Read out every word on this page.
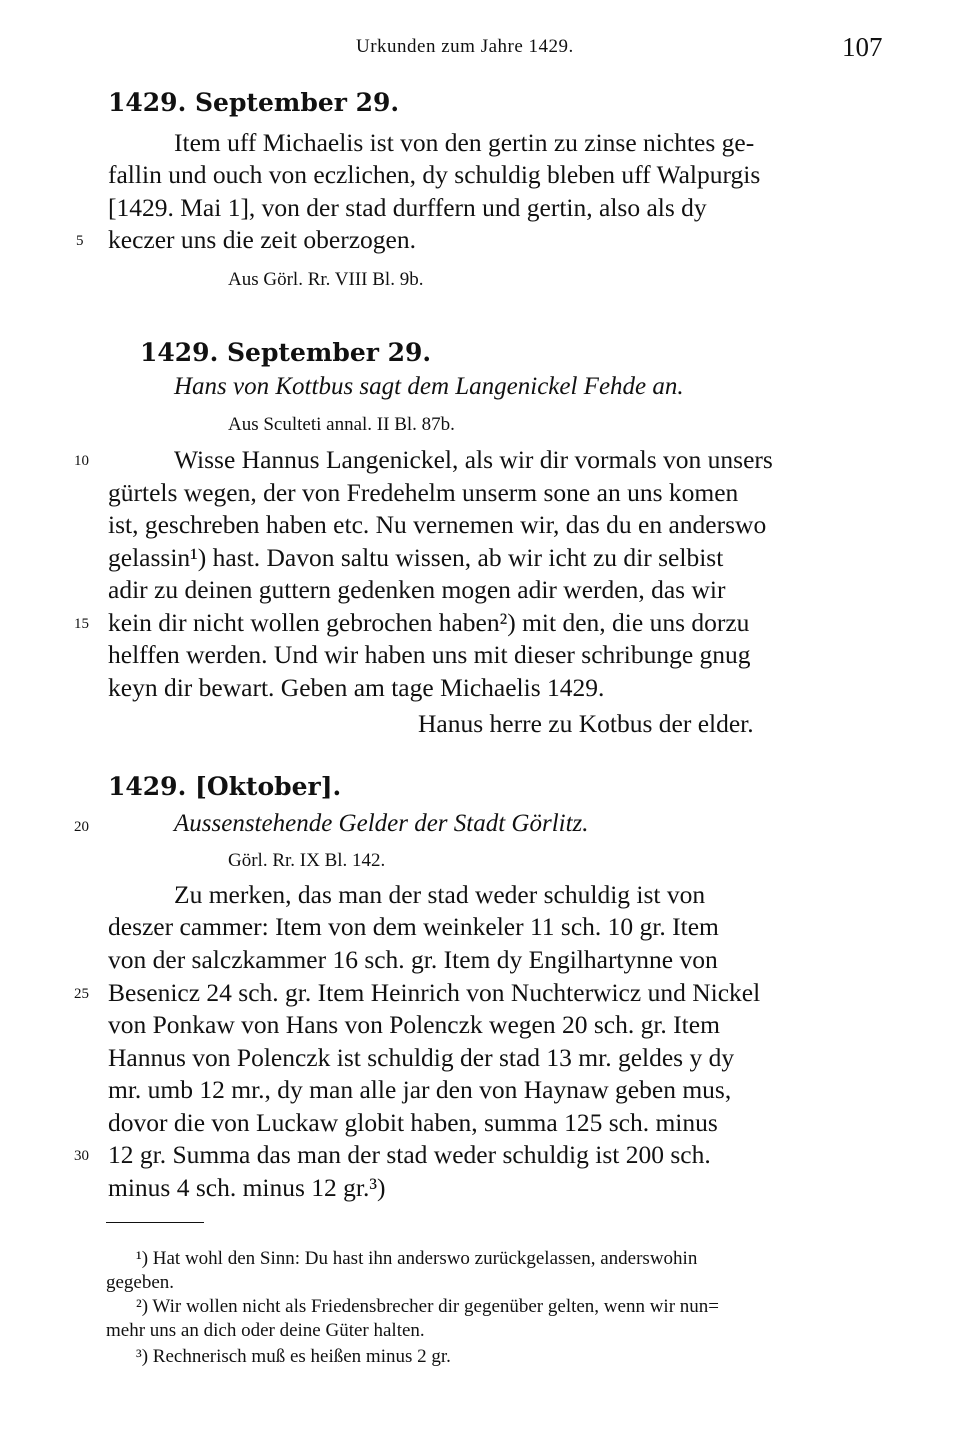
Urkunden zum Jahre 1429.	107
1429. September 29.
Item uff Michaelis ist von den gertin zu zinse nichtes ge-
fallin und ouch von eczlichen, dy schuldig bleben uff Walpurgis
[1429. Mai 1], von der stad durffern und gertin, also als dy
keczer uns die zeit oberzogen.
Aus Görl. Rr. VIII Bl. 9b.
1429. September 29.
Hans von Kottbus sagt dem Langenickel Fehde an.
Aus Sculteti annal. II Bl. 87b.
Wisse Hannus Langenickel, als wir dir vormals von unsers
gürtels wegen, der von Fredehelm unserm sone an uns komen
ist, geschreben haben etc. Nu vernemen wir, das du en anderswo
gelassin¹) hast. Davon saltu wissen, ab wir icht zu dir selbist
adir zu deinen guttern gedenken mogen adir werden, das wir
kein dir nicht wollen gebrochen haben²) mit den, die uns dorzu
helffen werden. Und wir haben uns mit dieser schribunge gnug
keyn dir bewart. Geben am tage Michaelis 1429.
Hanus herre zu Kotbus der elder.
1429. [Oktober].
Aussenstehende Gelder der Stadt Görlitz.
Görl. Rr. IX Bl. 142.
Zu merken, das man der stad weder schuldig ist von
deszer cammer: Item von dem weinkeler 11 sch. 10 gr. Item
von der salczkammer 16 sch. gr. Item dy Engilhartynne von
Besenicz 24 sch. gr. Item Heinrich von Nuchterwicz und Nickel
von Ponkaw von Hans von Polenczk wegen 20 sch. gr. Item
Hannus von Polenczk ist schuldig der stad 13 mr. geldes y dy
mr. umb 12 mr., dy man alle jar den von Haynaw geben mus,
dovor die von Luckaw globit haben, summa 125 sch. minus
12 gr. Summa das man der stad weder schuldig ist 200 sch.
minus 4 sch. minus 12 gr.³)
5
10
15
20
25
30
¹) Hat wohl den Sinn: Du hast ihn anderswo zurückgelassen, anderswohin
gegeben.
²) Wir wollen nicht als Friedensbrecher dir gegenüber gelten, wenn wir nun=
mehr uns an dich oder deine Güter halten.
³) Rechnerisch muß es heißen minus 2 gr.
